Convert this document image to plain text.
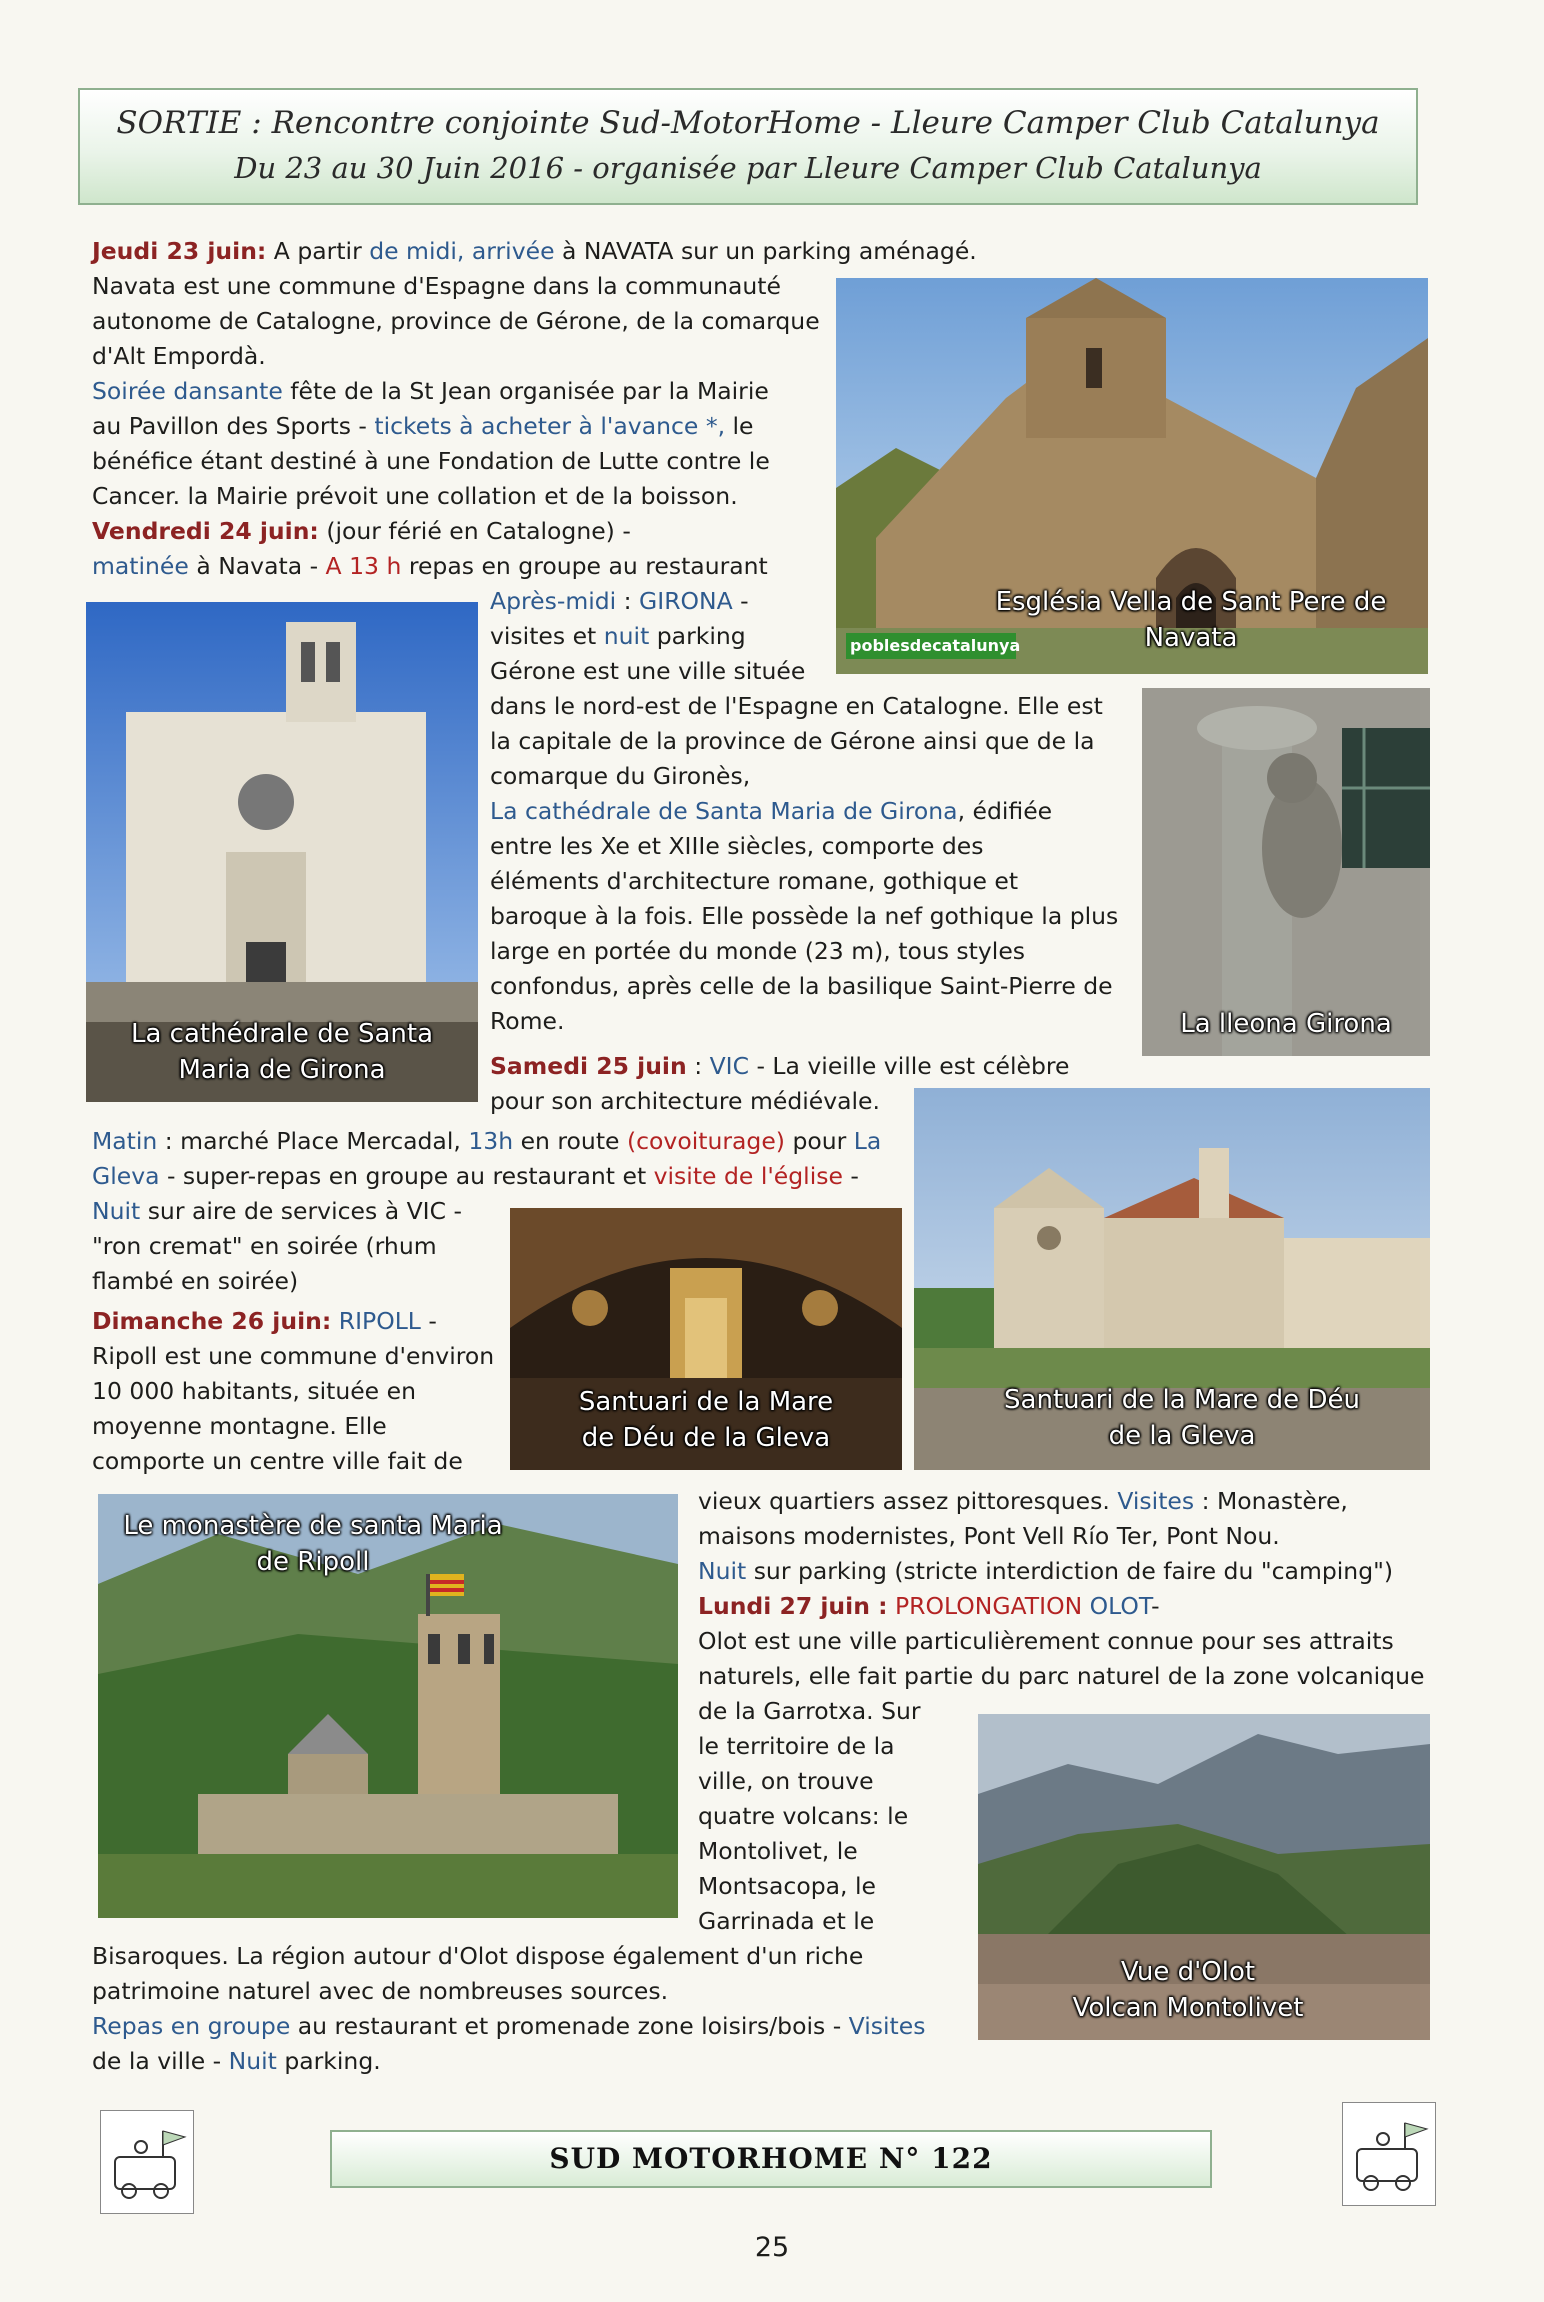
SORTIE : Rencontre conjointe Sud-MotorHome - Lleure Camper Club Catalunya
Du 23 au 30 Juin 2016 - organisée par Lleure Camper Club Catalunya
Jeudi 23 juin: A partir de midi, arrivée à NAVATA sur un parking aménagé.
Navata est une commune d'Espagne dans la communauté
autonome de Catalogne, province de Gérone, de la comarque
d'Alt Empordà.
Soirée dansante fête de la St Jean organisée par la Mairie
au Pavillon des Sports - tickets à acheter à l'avance *, le
bénéfice étant destiné à une Fondation de Lutte contre le
Cancer. la Mairie prévoit une collation et de la boisson.
Vendredi 24 juin: (jour férié en Catalogne) -
matinée à Navata - A 13 h repas en groupe au restaurant
Après-midi : GIRONA -
visites et nuit parking
Gérone est une ville située
dans le nord-est de l'Espagne en Catalogne. Elle est
la capitale de la province de Gérone ainsi que de la
comarque du Gironès,
La cathédrale de Santa Maria de Girona, édifiée
entre les Xe et XIIIe siècles, comporte des
éléments d'architecture romane, gothique et
baroque à la fois. Elle possède la nef gothique la plus
large en portée du monde (23 m), tous styles
confondus, après celle de la basilique Saint-Pierre de
Rome.
Samedi 25 juin : VIC - La vieille ville est célèbre
pour son architecture médiévale.
Matin : marché Place Mercadal, 13h en route (covoiturage) pour La
Gleva - super-repas en groupe au restaurant et visite de l'église -
Nuit sur aire de services à VIC -
"ron cremat" en soirée (rhum
flambé en soirée)
Dimanche 26 juin: RIPOLL -
Ripoll est une commune d'environ
10 000 habitants, située en
moyenne montagne. Elle
comporte un centre ville fait de
vieux quartiers assez pittoresques. Visites : Monastère,
maisons modernistes, Pont Vell Río Ter, Pont Nou.
Nuit sur parking (stricte interdiction de faire du "camping")
Lundi 27 juin : PROLONGATION OLOT-
Olot est une ville particulièrement connue pour ses attraits
naturels, elle fait partie du parc naturel de la zone volcanique
de la Garrotxa. Sur
le territoire de la
ville, on trouve
quatre volcans: le
Montolivet, le
Montsacopa, le
Garrinada et le
Bisaroques. La région autour d'Olot dispose également d'un riche
patrimoine naturel avec de nombreuses sources.
Repas en groupe au restaurant et promenade zone loisirs/bois - Visites
de la ville - Nuit parking.
poblesdecatalunya
Església Vella de Sant Pere de
Navata
La cathédrale de Santa
Maria de Girona
La lleona Girona
Santuari de la Mare
de Déu de la Gleva
Santuari de la Mare de Déu
de la Gleva
Le monastère de santa Maria
de Ripoll
Vue d'Olot
Volcan Montolivet
SUD MOTORHOME N° 122
25
